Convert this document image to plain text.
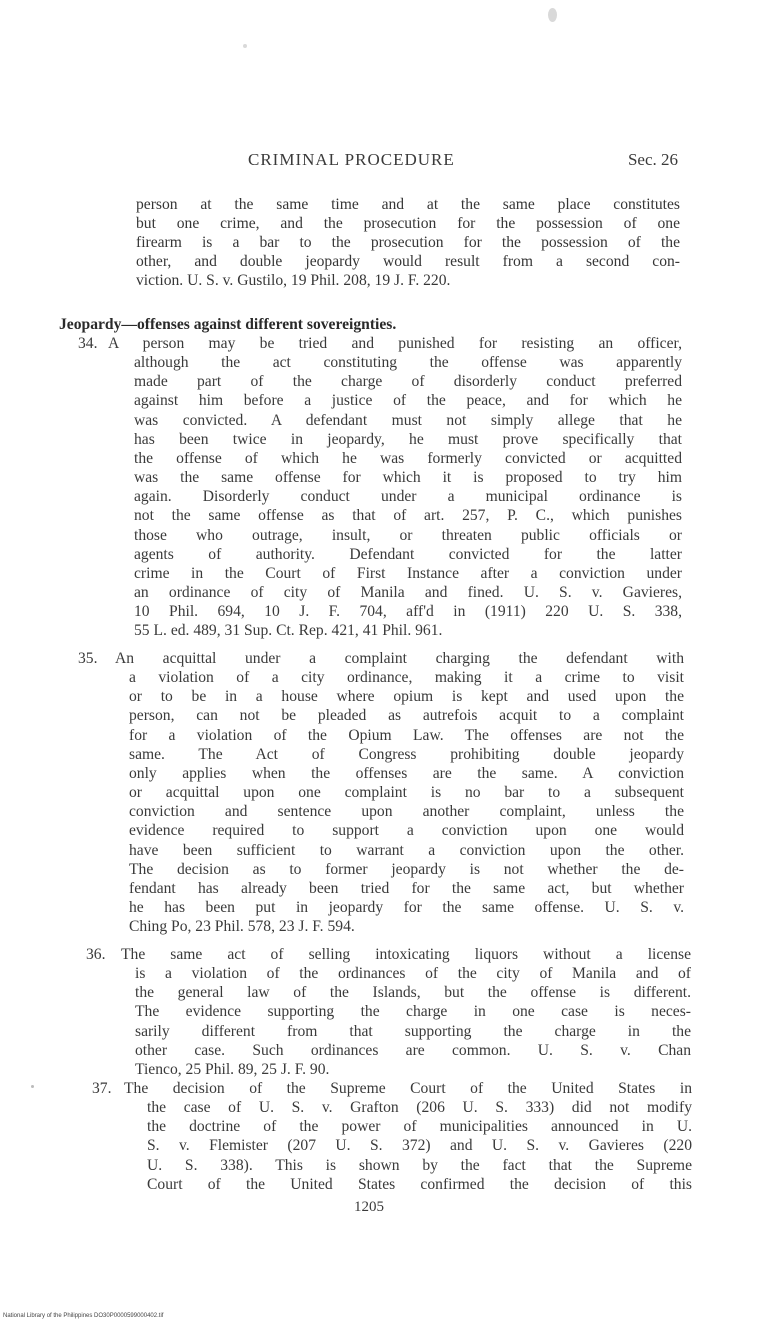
CRIMINAL PROCEDURE	Sec. 26
person at the same time and at the same place constitutes
but one crime, and the prosecution for the possession of one
firearm is a bar to the prosecution for the possession of the
other, and double jeopardy would result from a second con-
viction. U. S. v. Gustilo, 19 Phil. 208, 19 J. F. 220.
Jeopardy—offenses against different sovereignties.
34. A person may be tried and punished for resisting an officer,
although the act constituting the offense was apparently
made part of the charge of disorderly conduct preferred
against him before a justice of the peace, and for which he
was convicted. A defendant must not simply allege that he
has been twice in jeopardy, he must prove specifically that
the offense of which he was formerly convicted or acquitted
was the same offense for which it is proposed to try him
again. Disorderly conduct under a municipal ordinance is
not the same offense as that of art. 257, P. C., which punishes
those who outrage, insult, or threaten public officials or
agents of authority. Defendant convicted for the latter
crime in the Court of First Instance after a conviction under
an ordinance of city of Manila and fined. U. S. v. Gavieres,
10 Phil. 694, 10 J. F. 704, aff'd in (1911) 220 U. S. 338,
55 L. ed. 489, 31 Sup. Ct. Rep. 421, 41 Phil. 961.
35. An acquittal under a complaint charging the defendant with
a violation of a city ordinance, making it a crime to visit
or to be in a house where opium is kept and used upon the
person, can not be pleaded as autrefois acquit to a complaint
for a violation of the Opium Law. The offenses are not the
same. The Act of Congress prohibiting double jeopardy
only applies when the offenses are the same. A conviction
or acquittal upon one complaint is no bar to a subsequent
conviction and sentence upon another complaint, unless the
evidence required to support a conviction upon one would
have been sufficient to warrant a conviction upon the other.
The decision as to former jeopardy is not whether the de-
fendant has already been tried for the same act, but whether
he has been put in jeopardy for the same offense. U. S. v.
Ching Po, 23 Phil. 578, 23 J. F. 594.
36. The same act of selling intoxicating liquors without a license
is a violation of the ordinances of the city of Manila and of
the general law of the Islands, but the offense is different.
The evidence supporting the charge in one case is neces-
sarily different from that supporting the charge in the
other case. Such ordinances are common. U. S. v. Chan
Tienco, 25 Phil. 89, 25 J. F. 90.
37. The decision of the Supreme Court of the United States in
the case of U. S. v. Grafton (206 U. S. 333) did not modify
the doctrine of the power of municipalities announced in U.
S. v. Flemister (207 U. S. 372) and U. S. v. Gavieres (220
U. S. 338). This is shown by the fact that the Supreme
Court of the United States confirmed the decision of this
1205
National Library of the Philippines DO30P0000599000402.tif
